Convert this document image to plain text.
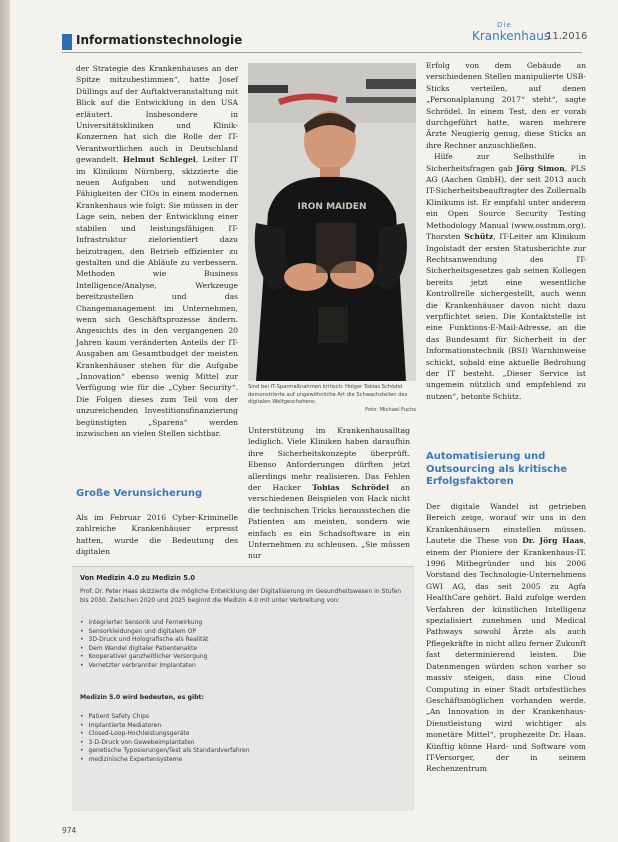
Informationstechnologie
Die
Krankenhaus
11.2016

der Strategie des Krankenhauses an der Spitze mitzubestimmen“, hatte Josef Düllings auf der Auftaktveranstaltung mit Blick auf die Entwicklung in den USA erläutert. Insbesondere in Universitätskliniken und Klinik-Konzernen hat sich die Rolle der IT-Verantwortlichen auch in Deutschland gewandelt. Helmut Schlegel, Leiter IT im Klinikum Nürnberg, skizzierte die neuen Aufgaben und notwendigen Fähigkeiten der CIOs in einem modernen Krankenhaus wie folgt: Sie müssen in der Lage sein, neben der Entwicklung einer stabilen und leistungsfähigen IT-Infrastruktur zielorientiert dazu beizutragen, den Betrieb effizienter zu gestalten und die Abläufe zu verbessern. Methoden wie Business Intelligence/Analyse, Werkzeuge bereitzustellen und das Changemanagement im Unternehmen, wenn sich Geschäftsprozesse ändern. Angesichts des in den vergangenen 20 Jahren kaum veränderten Anteils der IT-Ausgaben am Gesamtbudget der meisten Krankenhäuser stehen für die Aufgabe „Innovation“ ebenso wenig Mittel zur Verfügung wie für die „Cyber Security“. Die Folgen dieses zum Teil von der unzureichenden Investitionsfinanzierung begünstigten „Sparens“ werden inzwischen an vielen Stellen sichtbar.

Große Verunsicherung

Als im Februar 2016 Cyber-Kriminelle zahlreiche Krankenhäuser erpresst hatten, wurde die Bedeutung des digitalen

IRON MAIDEN
Sind bei IT-Sparmaßnahmen kritisch: Holger Tobias Schödel demonstrierte auf ungewöhnliche Art die Schwachstellen des digitalen Weltgeschehens.
Foto: Michael Fuchs

Unterstützung im Krankenhausalltag lediglich. Viele Kliniken haben daraufhin ihre Sicherheitskonzepte überprüft. Ebenso Anforderungen dürften jetzt allerdings mehr realisieren. Das Fehlen der Hacker Tobias Schrödel an verschiedenen Beispielen von Hack nicht die technischen Tricks herausstechen die Patienten am meisten, sondern wie einfach es ein Schadsoftware in ein Unternehmen zu schleusen. „Sie müssen nur

Erfolg von dem Gebäude an verschiedenen Stellen manipulierte USB-Sticks verteilen, auf denen „Personalplanung 2017“ steht“, sagte Schrödel. In einem Test, den er vorab durchgeführt hatte, waren mehrere Ärzte Neugierig genug, diese Sticks an ihre Rechner anzuschließen.

Hilfe zur Selbsthilfe in Sicherheitsfragen gab Jörg Simon, PLS AG (Aachen GmbH), der seit 2013 auch IT-Sicherheitsbeauftragter des Zollernalb Klinikums ist. Er empfahl unter anderem ein Open Source Security Testing Methodology Manual (www.osstmm.org). Thorsten Schütz, IT-Leiter am Klinikum Ingolstadt der ersten Statusberichte zur Rechtsanwendung des IT-Sicherheitsgesetzes gab seinen Kollegen bereits jetzt eine wesentliche Kontrollrelle sichergestellt, auch wenn die Krankenhäuser davon nicht dazu verpflichtet seien. Die Kontaktstelle ist eine Funktions-E-Mail-Adresse, an die das Bundesamt für Sicherheit in der Informationstechnik (BSI) Warnhinweise schickt, sobald eine aktuelle Bedrohung der IT besteht. „Dieser Service ist ungemein nützlich und empfehlend zu nutzen“, betonte Schütz.

Automatisierung und Outsourcing als kritische Erfolgsfaktoren

Der digitale Wandel ist getrieben Bereich zeige, worauf wir uns in den Krankenhäusern einstellen müssen. Lautete die These von Dr. Jörg Haas, einem der Pioniere der Krankenhaus-IT. 1996 Mitbegründer und bis 2006 Vorstand des Technologie-Unternehmens GWI AG, das seit 2005 zu Agfa HealthCare gehört. Bald zufolge werden Verfahren der künstlichen Intelligenz spezialisiert zunehmen und Medical Pathways sowohl Ärzte als auch Pflegekräfte in nicht allzu ferner Zukunft fast determinierend leisten. Die Datenmengen würden schon vorher so massiv steigen, dass eine Cloud Computing in einer Stadt ortsfestliches Geschäftsmöglichen vorhanden werde. „An Innovation in der Krankenhaus-Dienstleistung wird wichtiger als monetäre Mittel“, prophezeite Dr. Haas. Künftig könne Hard- und Software vom IT-Versorger, der in seinem Rechenzentrum

Von Medizin 4.0 zu Medizin 5.0
Prof. Dr. Peter Haas skizzierte die mögliche Entwicklung der Digitalisierung im Gesundheitswesen in Stufen bis 2030. Zwischen 2020 und 2025 beginnt die Medizin 4.0 mit unter Verbreitung von:
• integrierter Sensorik und Fernwirkung
• Sensorkleidungen und digitalem OP
• 3D-Druck und Holografische als Realität
• Dem Wandel digitaler Patientenakte
• Kooperativer ganzheitlicher Versorgung
• Vernetzter verbrannter Implantaten
Medizin 5.0 wird bedeuten, es gibt:
• Patient Safety Chips
• Implantierte Mediatoren
• Closed-Loop-Hochleistungsgeräte
• 3-D-Druck von Gewebeimplantaten
• genetische Typosierungen/Test als Standardverfahren
• medizinische Expertensysteme
974
